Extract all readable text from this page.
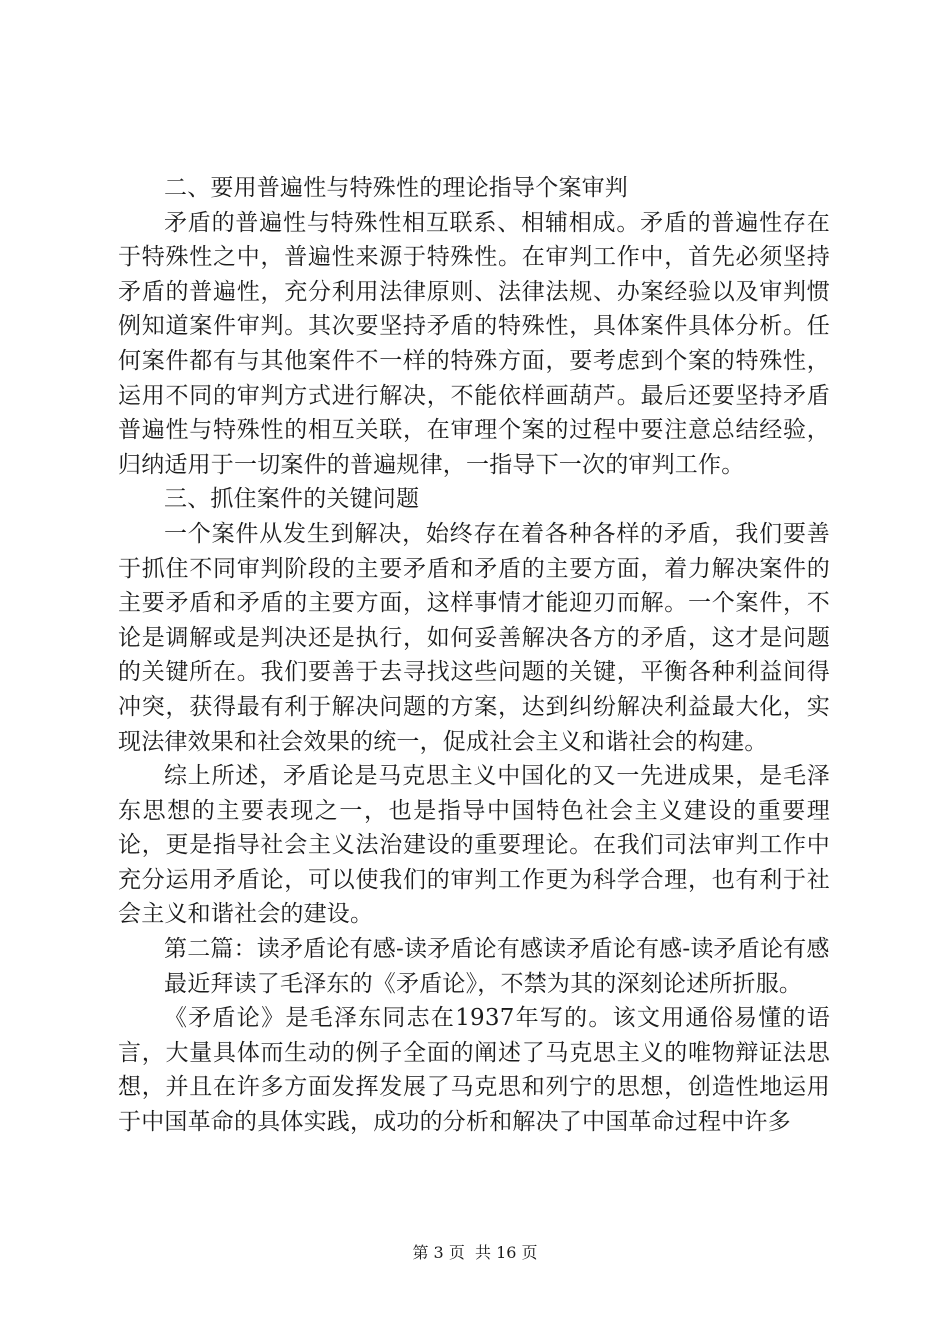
二、要用普遍性与特殊性的理论指导个案审判

矛盾的普遍性与特殊性相互联系、相辅相成。矛盾的普遍性存在于特殊性之中，普遍性来源于特殊性。在审判工作中，首先必须坚持矛盾的普遍性，充分利用法律原则、法律法规、办案经验以及审判惯例知道案件审判。其次要坚持矛盾的特殊性，具体案件具体分析。任何案件都有与其他案件不一样的特殊方面，要考虑到个案的特殊性，运用不同的审判方式进行解决，不能依样画葫芦。最后还要坚持矛盾普遍性与特殊性的相互关联，在审理个案的过程中要注意总结经验，归纳适用于一切案件的普遍规律，一指导下一次的审判工作。

三、抓住案件的关键问题

一个案件从发生到解决，始终存在着各种各样的矛盾，我们要善于抓住不同审判阶段的主要矛盾和矛盾的主要方面，着力解决案件的主要矛盾和矛盾的主要方面，这样事情才能迎刃而解。一个案件，不论是调解或是判决还是执行，如何妥善解决各方的矛盾，这才是问题的关键所在。我们要善于去寻找这些问题的关键，平衡各种利益间得冲突，获得最有利于解决问题的方案，达到纠纷解决利益最大化，实现法律效果和社会效果的统一，促成社会主义和谐社会的构建。

综上所述，矛盾论是马克思主义中国化的又一先进成果，是毛泽东思想的主要表现之一，也是指导中国特色社会主义建设的重要理论，更是指导社会主义法治建设的重要理论。在我们司法审判工作中充分运用矛盾论，可以使我们的审判工作更为科学合理，也有利于社会主义和谐社会的建设。

第二篇：读矛盾论有感-读矛盾论有感读矛盾论有感-读矛盾论有感

最近拜读了毛泽东的《矛盾论》，不禁为其的深刻论述所折服。

《矛盾论》是毛泽东同志在1937年写的。该文用通俗易懂的语言，大量具体而生动的例子全面的阐述了马克思主义的唯物辩证法思想，并且在许多方面发挥发展了马克思和列宁的思想，创造性地运用于中国革命的具体实践，成功的分析和解决了中国革命过程中许多

第 3 页  共 16 页
